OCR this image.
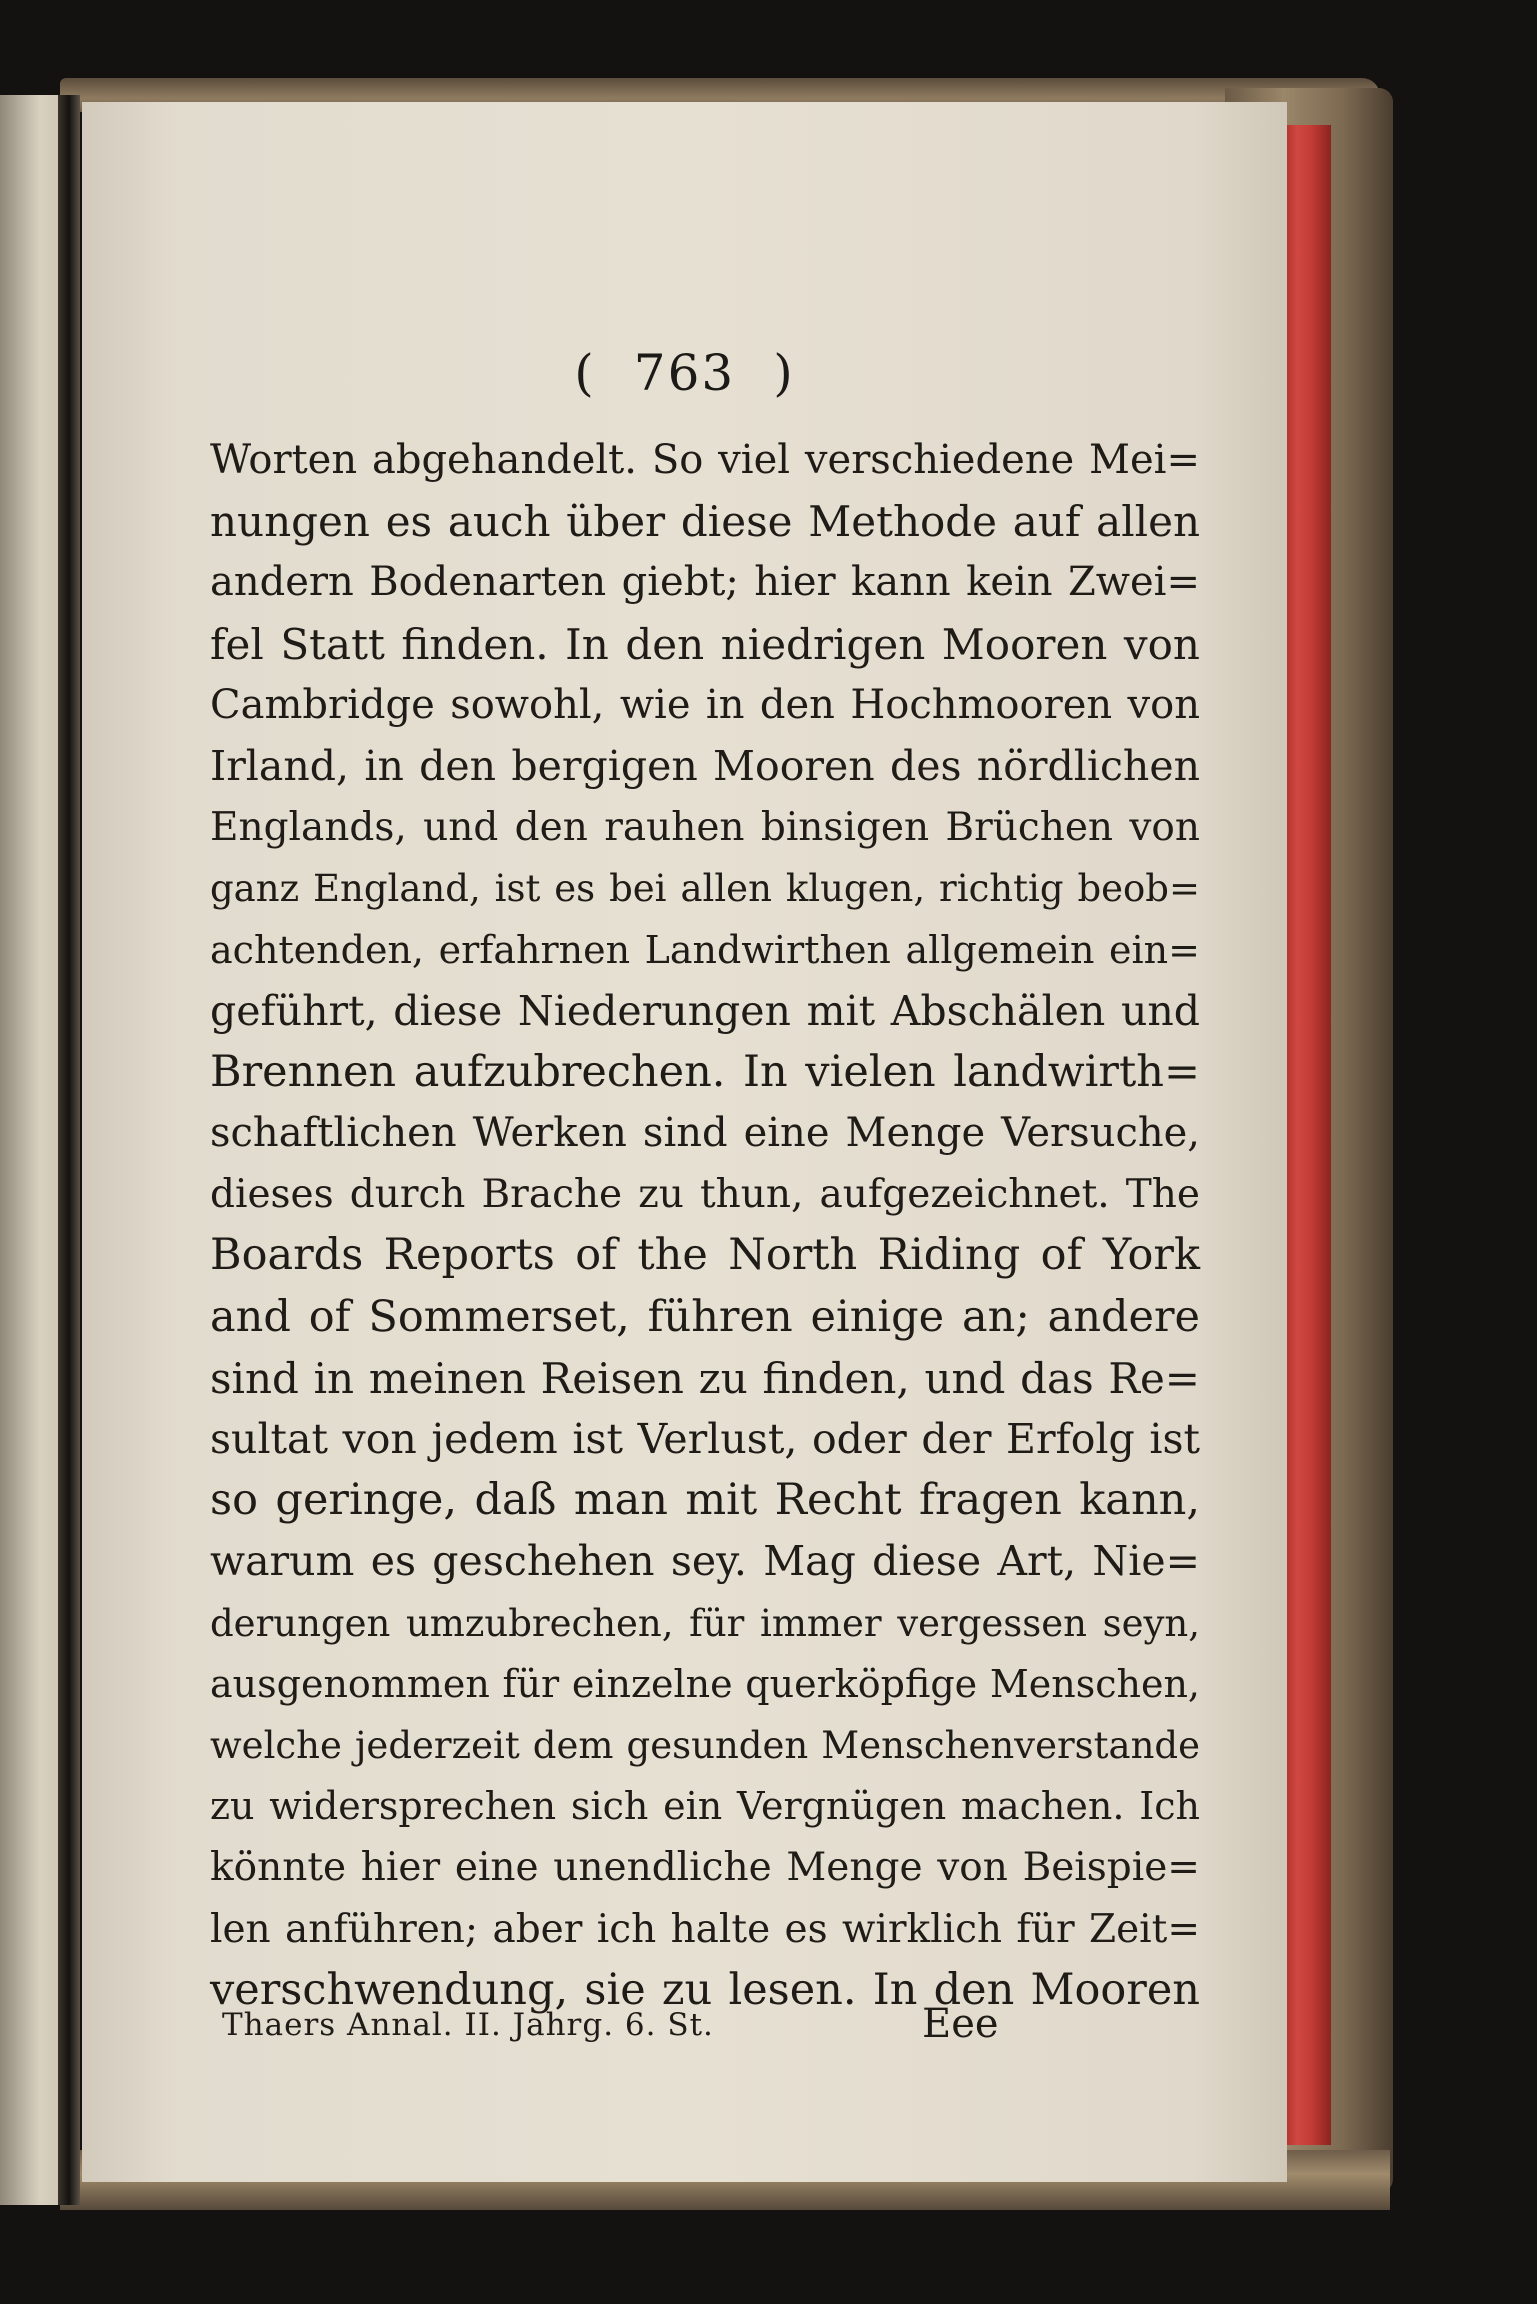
( 763 )
Worten abgehandelt. So viel verschiedene Mei=
nungen es auch über diese Methode auf allen
andern Bodenarten giebt; hier kann kein Zwei=
fel Statt finden. In den niedrigen Mooren von
Cambridge sowohl, wie in den Hochmooren von
Irland, in den bergigen Mooren des nördlichen
Englands, und den rauhen binsigen Brüchen von
ganz England, ist es bei allen klugen, richtig beob=
achtenden, erfahrnen Landwirthen allgemein ein=
geführt, diese Niederungen mit Abschälen und
Brennen aufzubrechen. In vielen landwirth=
schaftlichen Werken sind eine Menge Versuche,
dieses durch Brache zu thun, aufgezeichnet. The
Boards Reports of the North Riding of York
and of Sommerset, führen einige an; andere
sind in meinen Reisen zu finden, und das Re=
sultat von jedem ist Verlust, oder der Erfolg ist
so geringe, daß man mit Recht fragen kann,
warum es geschehen sey. Mag diese Art, Nie=
derungen umzubrechen, für immer vergessen seyn,
ausgenommen für einzelne querköpfige Menschen,
welche jederzeit dem gesunden Menschenverstande
zu widersprechen sich ein Vergnügen machen. Ich
könnte hier eine unendliche Menge von Beispie=
len anführen; aber ich halte es wirklich für Zeit=
verschwendung, sie zu lesen. In den Mooren
Thaers Annal. II. Jahrg. 6. St.	Eee
